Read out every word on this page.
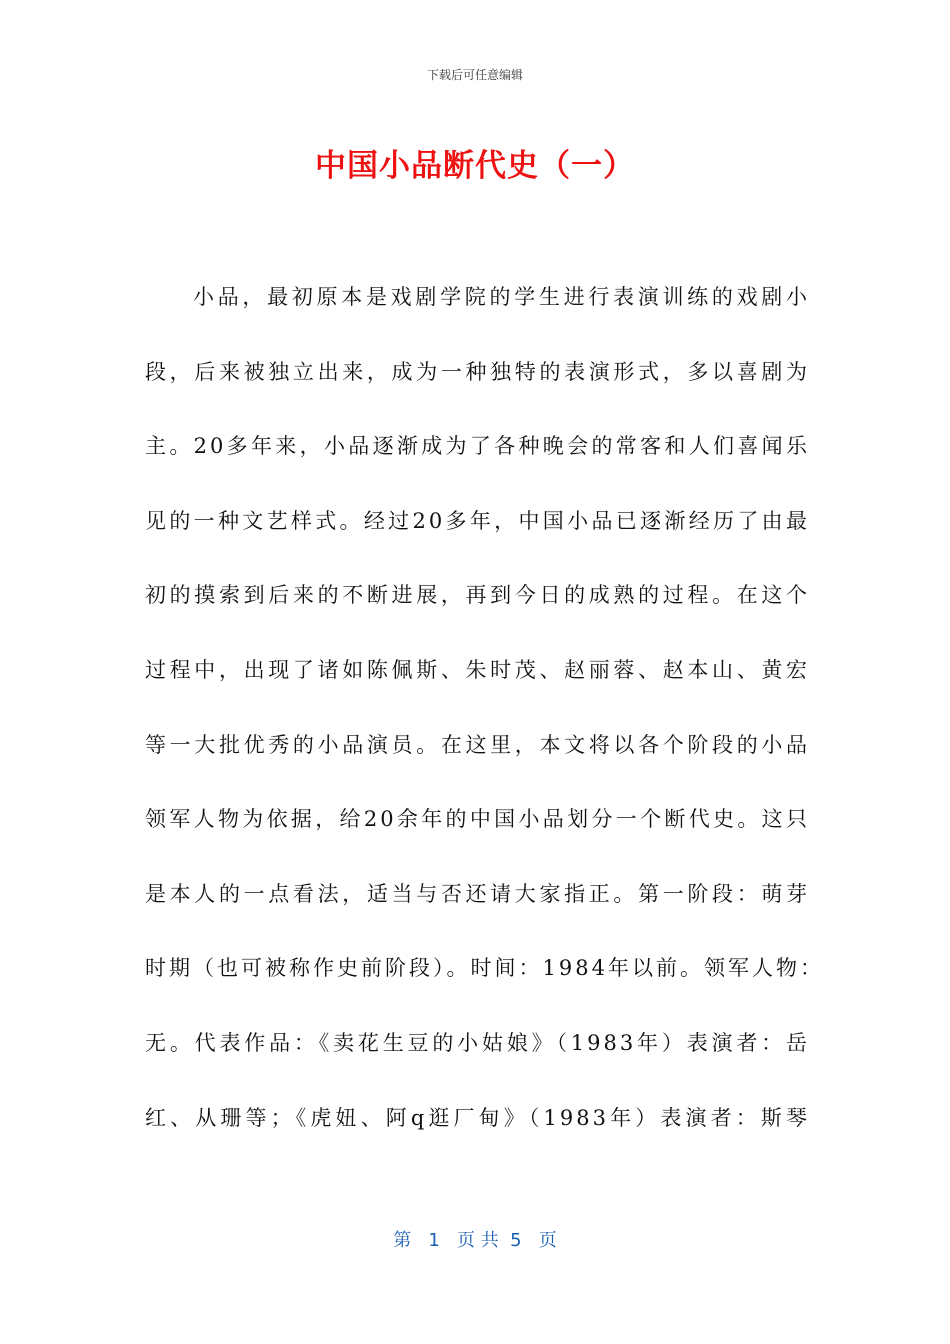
下载后可任意编辑
中国小品断代史（一）
小品，最初原本是戏剧学院的学生进行表演训练的戏剧小
段，后来被独立出来，成为一种独特的表演形式，多以喜剧为
主。20多年来，小品逐渐成为了各种晚会的常客和人们喜闻乐
见的一种文艺样式。经过20多年，中国小品已逐渐经历了由最
初的摸索到后来的不断进展，再到今日的成熟的过程。在这个
过程中，出现了诸如陈佩斯、朱时茂、赵丽蓉、赵本山、黄宏
等一大批优秀的小品演员。在这里，本文将以各个阶段的小品
领军人物为依据，给20余年的中国小品划分一个断代史。这只
是本人的一点看法，适当与否还请大家指正。第一阶段：萌芽
时期（也可被称作史前阶段）。时间：1984年以前。领军人物：
无。代表作品：《卖花生豆的小姑娘》（1983年）表演者：岳
红、从珊等；《虎妞、阿q逛厂甸》（1983年）表演者：斯琴
第   1   页 共  5   页
